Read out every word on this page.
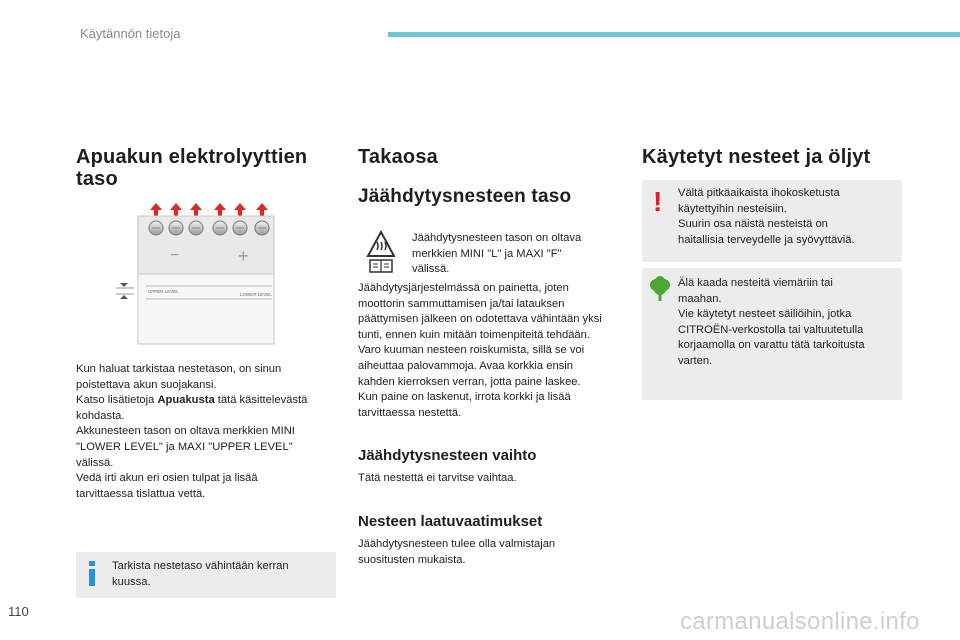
Käytännön tietoja
Apuakun elektrolyyttien
taso
−	+
UPPER LEVEL
LOWER LEVEL

Kun haluat tarkistaa nestetason, on sinun

poistettava akun suojakansi.

Katso lisätietoja Apuakusta tätä käsittelevästä

kohdasta.

Akkunesteen tason on oltava merkkien MINI

"LOWER LEVEL" ja MAXI "UPPER LEVEL"

välissä.

Vedä irti akun eri osien tulpat ja lisää

tarvittaessa tislattua vettä.

Tarkista nestetaso vähintään kerran

kuussa.

Takaosa
Jäähdytysnesteen taso

Jäähdytysnesteen tason on oltava

merkkien MINI "L" ja MAXI "F"

välissä.

Jäähdytysjärjestelmässä on painetta, joten

moottorin sammuttamisen ja/tai latauksen

päättymisen jälkeen on odotettava vähintään yksi

tunti, ennen kuin mitään toimenpiteitä tehdään.

Varo kuuman nesteen roiskumista, sillä se voi

aiheuttaa palovammoja. Avaa korkkia ensin

kahden kierroksen verran, jotta paine laskee.

Kun paine on laskenut, irrota korkki ja lisää

tarvittaessa nestettä.

Jäähdytysnesteen vaihto
Tätä nestettä ei tarvitse vaihtaa.
Nesteen laatuvaatimukset

Jäähdytysnesteen tulee olla valmistajan

suositusten mukaista.

Käytetyt nesteet ja öljyt
! Vältä pitkäaikaista ihokosketusta

käytettyihin nesteisiin.

Suurin osa näistä nesteistä on

haitallisia terveydelle ja syövyttäviä.

Älä kaada nesteitä viemäriin tai

maahan.

Vie käytetyt nesteet säiliöihin, jotka

CITROËN-verkostolla tai valtuutetulla

korjaamolla on varattu tätä tarkoitusta

varten.

110	carmanualsonline.info
